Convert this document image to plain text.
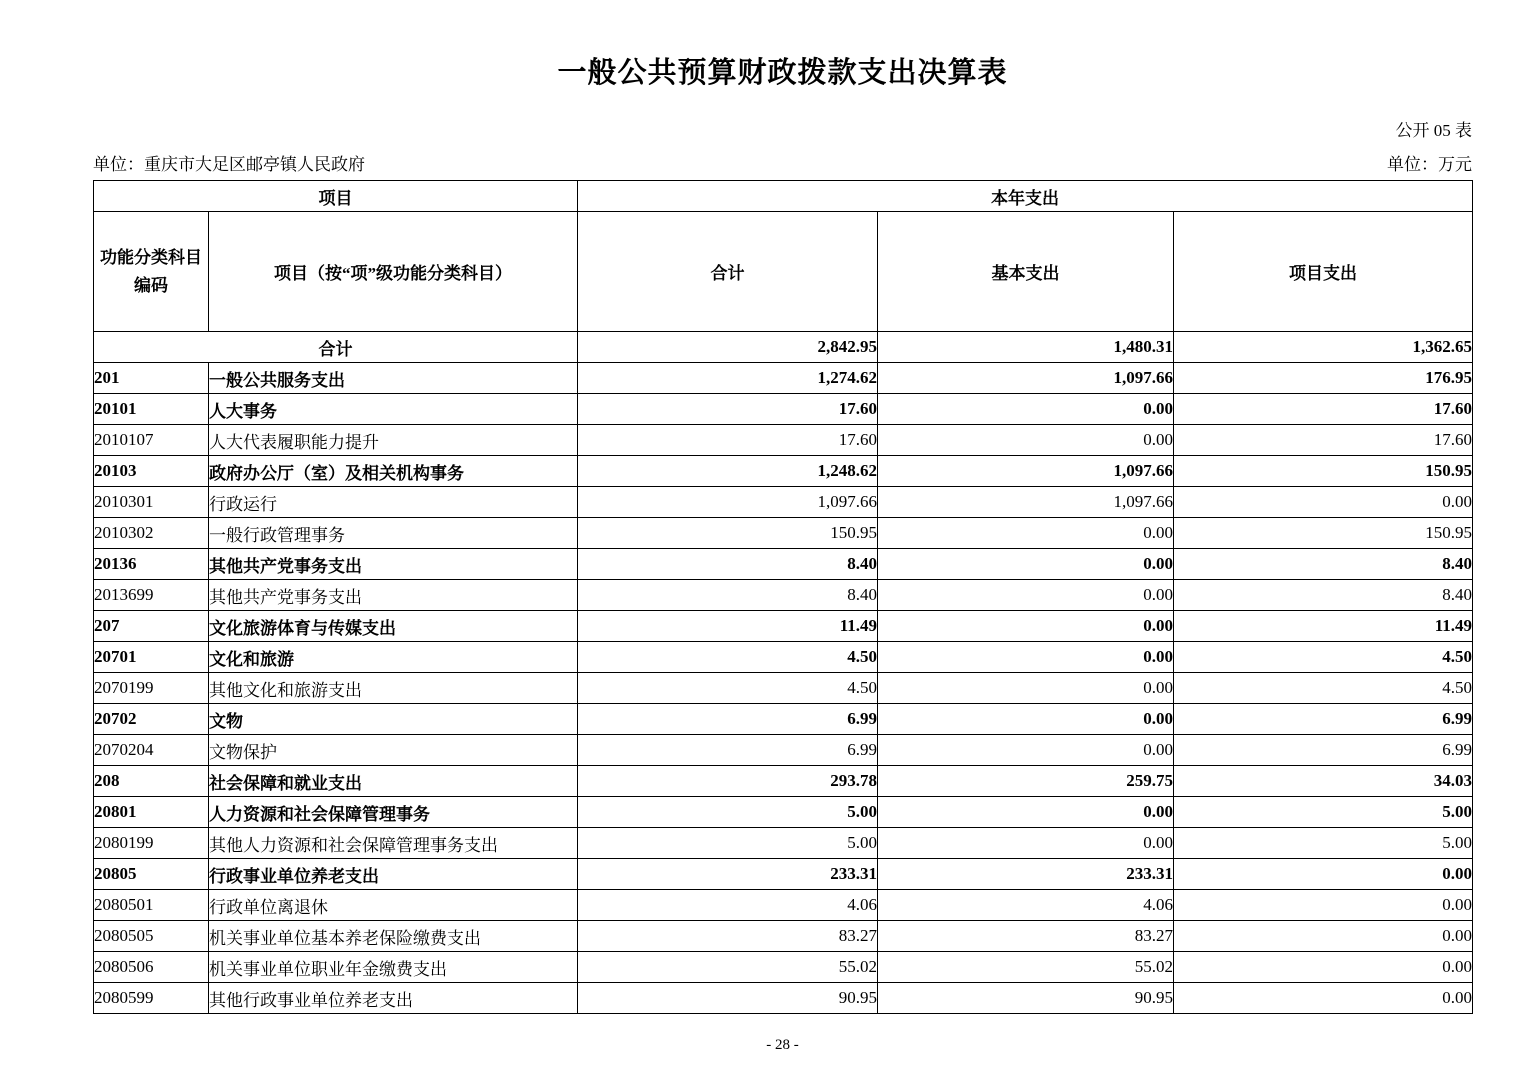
一般公共预算财政拨款支出决算表
公开 05 表
单位：重庆市大足区邮亭镇人民政府	单位：万元
项目		本年支出		

功能分类科目
编码	项目（按“项”级功能分类科目）	合计	基本支出	项目支出
合计		2,842.95	1,480.31	1,362.65
201	一般公共服务支出	1,274.62	1,097.66	176.95
20101	人大事务	17.60	0.00	17.60
2010107	人大代表履职能力提升	17.60	0.00	17.60
20103	政府办公厅（室）及相关机构事务	1,248.62	1,097.66	150.95
2010301	行政运行	1,097.66	1,097.66	0.00
2010302	一般行政管理事务	150.95	0.00	150.95
20136	其他共产党事务支出	8.40	0.00	8.40
2013699	其他共产党事务支出	8.40	0.00	8.40
207	文化旅游体育与传媒支出	11.49	0.00	11.49
20701	文化和旅游	4.50	0.00	4.50
2070199	其他文化和旅游支出	4.50	0.00	4.50
20702	文物	6.99	0.00	6.99
2070204	文物保护	6.99	0.00	6.99
208	社会保障和就业支出	293.78	259.75	34.03
20801	人力资源和社会保障管理事务	5.00	0.00	5.00
2080199	其他人力资源和社会保障管理事务支出	5.00	0.00	5.00
20805	行政事业单位养老支出	233.31	233.31	0.00
2080501	行政单位离退休	4.06	4.06	0.00
2080505	机关事业单位基本养老保险缴费支出	83.27	83.27	0.00
2080506	机关事业单位职业年金缴费支出	55.02	55.02	0.00
2080599	其他行政事业单位养老支出	90.95	90.95	0.00
- 28 -
